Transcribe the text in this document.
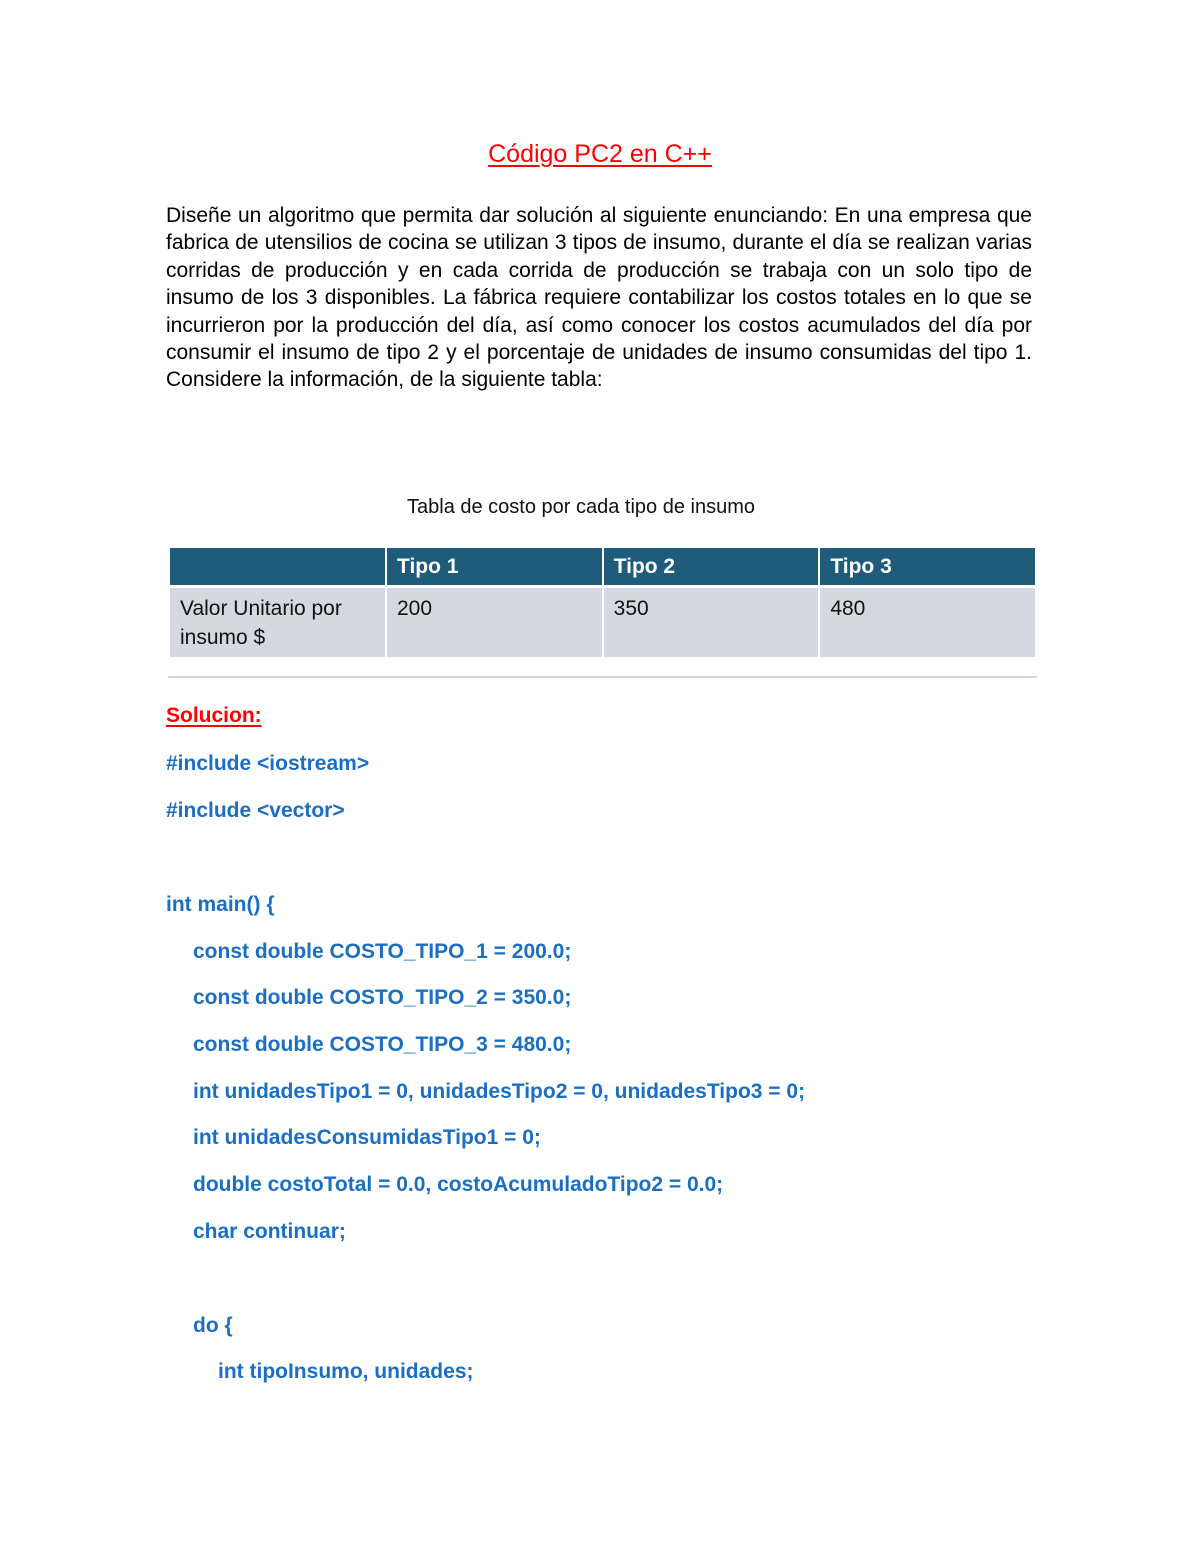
Código PC2 en C++

Diseñe un algoritmo que permita dar solución al siguiente enunciando: En una empresa que fabrica de utensilios de cocina se utilizan 3 tipos de insumo, durante el día se realizan varias corridas de producción y en cada corrida de producción se trabaja con un solo tipo de insumo de los 3 disponibles. La fábrica requiere contabilizar los costos totales en lo que se incurrieron por la producción del día, así como conocer los costos acumulados del día por consumir el insumo de tipo 2 y el porcentaje de unidades de insumo consumidas del tipo 1. Considere la información, de la siguiente tabla:

Tabla de costo por cada tipo de insumo
	Tipo 1	Tipo 2	Tipo 3
Valor Unitario por
insumo $	200	350	480
Solucion:
#include <iostream>
#include <vector>
int main() {
const double COSTO_TIPO_1 = 200.0;
const double COSTO_TIPO_2 = 350.0;
const double COSTO_TIPO_3 = 480.0;
int unidadesTipo1 = 0, unidadesTipo2 = 0, unidadesTipo3 = 0;
int unidadesConsumidasTipo1 = 0;
double costoTotal = 0.0, costoAcumuladoTipo2 = 0.0;
char continuar;
do {
int tipoInsumo, unidades;
